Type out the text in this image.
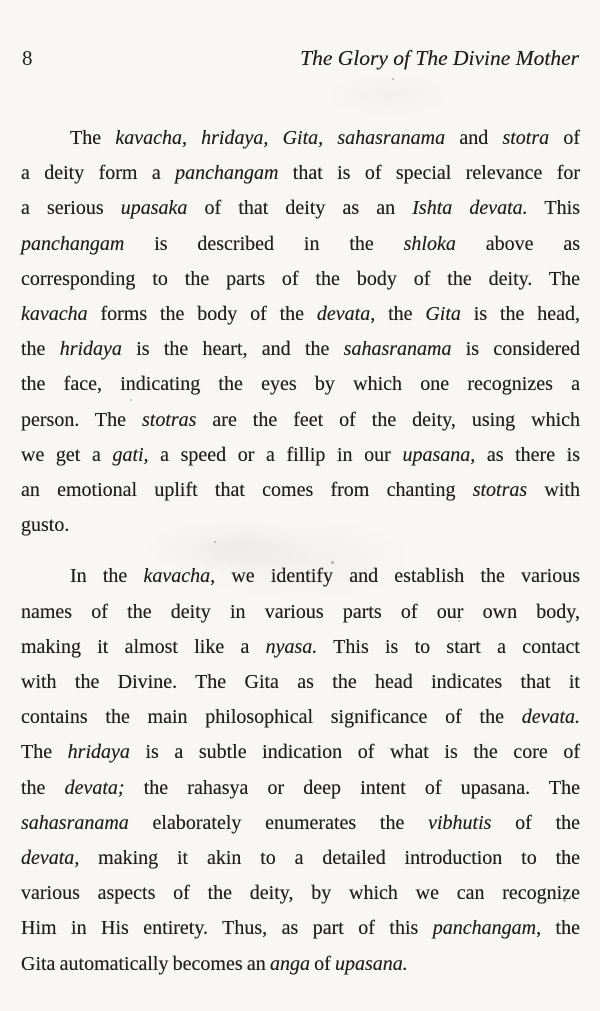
8	The Glory of The Divine Mother
The kavacha, hridaya, Gita, sahasranama and stotra of
a deity form a panchangam that is of special relevance for
a serious upasaka of that deity as an Ishta devata. This
panchangam is described in the shloka above as
corresponding to the parts of the body of the deity. The
kavacha forms the body of the devata, the Gita is the head,
the hridaya is the heart, and the sahasranama is considered
the face, indicating the eyes by which one recognizes a
person. The stotras are the feet of the deity, using which
we get a gati, a speed or a fillip in our upasana, as there is
an emotional uplift that comes from chanting stotras with
gusto.
In the kavacha, we identify and establish the various
names of the deity in various parts of our own body,
making it almost like a nyasa. This is to start a contact
with the Divine. The Gita as the head indicates that it
contains the main philosophical significance of the devata.
The hridaya is a subtle indication of what is the core of
the devata; the rahasya or deep intent of upasana. The
sahasranama elaborately enumerates the vibhutis of the
devata, making it akin to a detailed introduction to the
various aspects of the deity, by which we can recognize
Him in His entirety. Thus, as part of this panchangam, the
Gita automatically becomes an anga of upasana.
